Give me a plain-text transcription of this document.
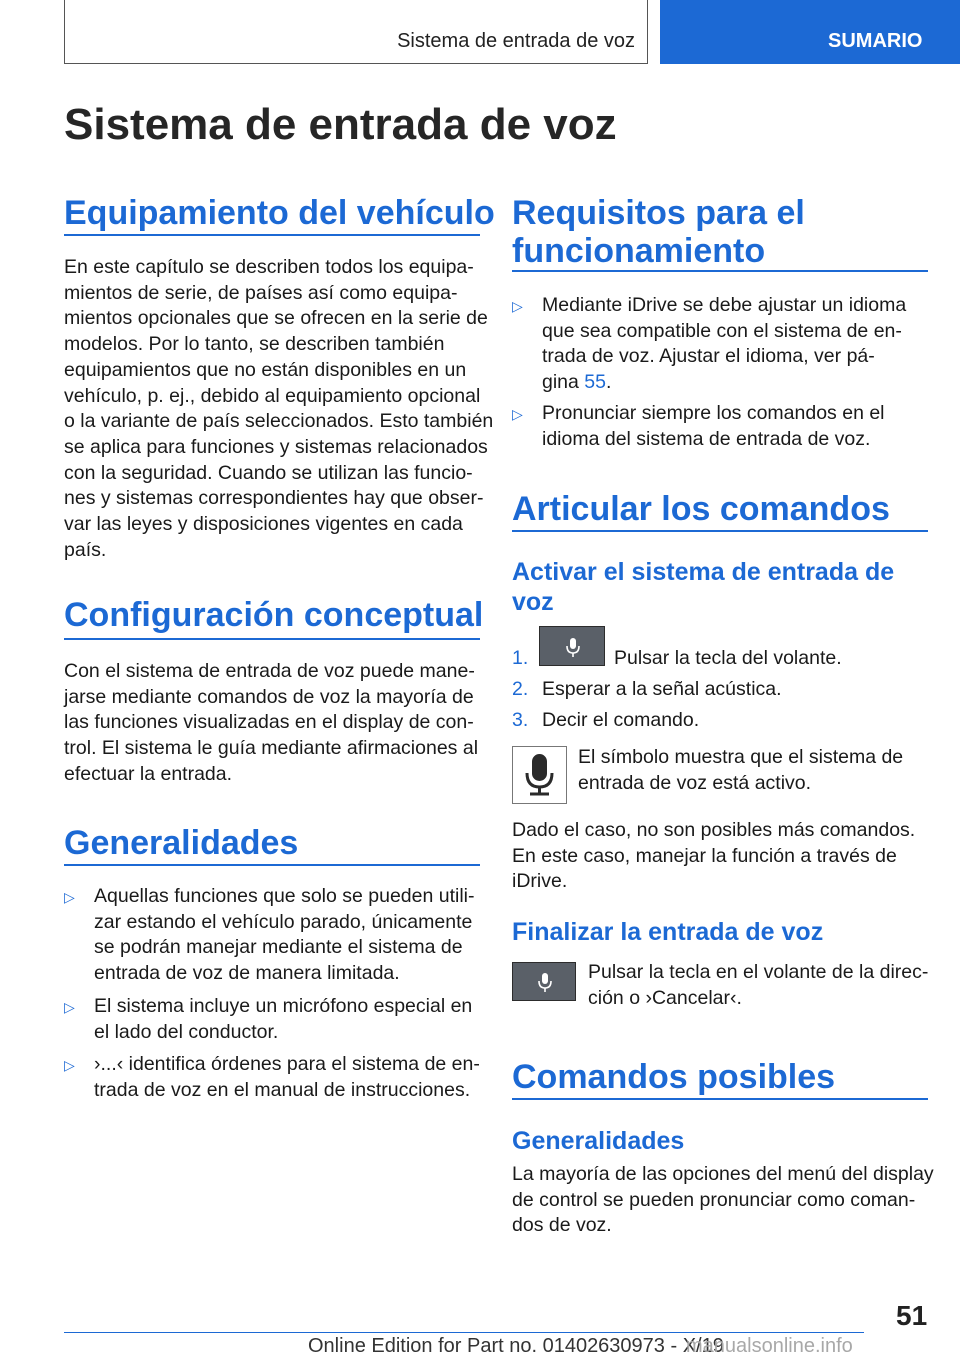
Sistema de entrada de voz	SUMARIO
Sistema de entrada de voz
Equipamiento del vehículo
En este capítulo se describen todos los equipa‐
mientos de serie, de países así como equipa‐
mientos opcionales que se ofrecen en la serie de
modelos. Por lo tanto, se describen también
equipamientos que no están disponibles en un
vehículo, p. ej., debido al equipamiento opcional
o la variante de país seleccionados. Esto también
se aplica para funciones y sistemas relacionados
con la seguridad. Cuando se utilizan las funcio‐
nes y sistemas correspondientes hay que obser‐
var las leyes y disposiciones vigentes en cada
país.
Configuración conceptual
Con el sistema de entrada de voz puede mane‐
jarse mediante comandos de voz la mayoría de
las funciones visualizadas en el display de con‐
trol. El sistema le guía mediante afirmaciones al
efectuar la entrada.
Generalidades
▷ Aquellas funciones que solo se pueden utili‐
zar estando el vehículo parado, únicamente
se podrán manejar mediante el sistema de
entrada de voz de manera limitada.
▷ El sistema incluye un micrófono especial en
el lado del conductor.
▷ ›...‹ identifica órdenes para el sistema de en‐
trada de voz en el manual de instrucciones.
Requisitos para el
funcionamiento
▷ Mediante iDrive se debe ajustar un idioma
que sea compatible con el sistema de en‐
trada de voz. Ajustar el idioma, ver pá‐
gina 55.
▷ Pronunciar siempre los comandos en el
idioma del sistema de entrada de voz.
Articular los comandos
Activar el sistema de entrada de
voz
1.	Pulsar la tecla del volante.
2. Esperar a la señal acústica.
3. Decir el comando.
El símbolo muestra que el sistema de
entrada de voz está activo.
Dado el caso, no son posibles más comandos.
En este caso, manejar la función a través de
iDrive.
Finalizar la entrada de voz
Pulsar la tecla en el volante de la direc‐
ción o ›Cancelar‹.
Comandos posibles
Generalidades
La mayoría de las opciones del menú del display
de control se pueden pronunciar como coman‐
dos de voz.
51
Online Edition for Part no. 01402630973 - X/19
manualsonline.info
